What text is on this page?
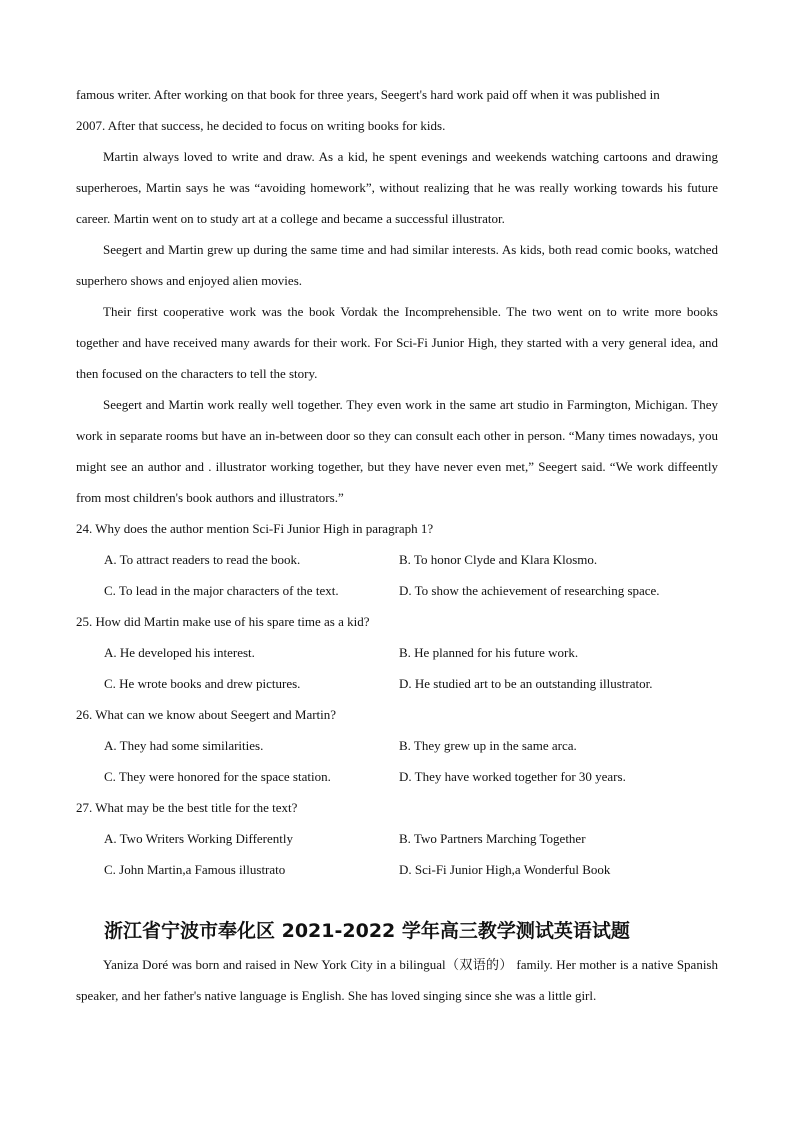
famous writer. After working on that book for three years, Seegert's hard work paid off when it was published in
2007. After that success, he decided to focus on writing books for kids.
Martin always loved to write and draw. As a kid, he spent evenings and weekends watching cartoons and drawing superheroes, Martin says he was “avoiding homework”, without realizing that he was really working towards his future career. Martin went on to study art at a college and became a successful illustrator.
Seegert and Martin grew up during the same time and had similar interests. As kids, both read comic books, watched superhero shows and enjoyed alien movies.
Their first cooperative work was the book Vordak the Incomprehensible. The two went on to write more books together and have received many awards for their work. For Sci-Fi Junior High, they started with a very general idea, and then focused on the characters to tell the story.
Seegert and Martin work really well together. They even work in the same art studio in Farmington, Michigan. They work in separate rooms but have an in-between door so they can consult each other in person. “Many times nowadays, you might see an author and . illustrator working together, but they have never even met,” Seegert said. “We work diffeently from most children's book authors and illustrators.”
24. Why does the author mention Sci-Fi Junior High in paragraph 1?
A. To attract readers to read the book.	B. To honor Clyde and Klara Klosmo.
C. To lead in the major characters of the text.	D. To show the achievement of researching space.
25. How did Martin make use of his spare time as a kid?
A. He developed his interest.	B. He planned for his future work.
C. He wrote books and drew pictures.	D. He studied art to be an outstanding illustrator.
26. What can we know about Seegert and Martin?
A. They had some similarities.	B. They grew up in the same arca.
C. They were honored for the space station.	D. They have worked together for 30 years.
27. What may be the best title for the text?
A. Two Writers Working Differently	B. Two Partners Marching Together
C. John Martin,a Famous illustrato	D. Sci-Fi Junior High,a Wonderful Book
浙江省宁波市奉化区 2021-2022 学年高三教学测试英语试题
Yaniza Doré was born and raised in New York City in a bilingual（双语的） family. Her mother is a native Spanish speaker, and her father's native language is English. She has loved singing since she was a little girl.
